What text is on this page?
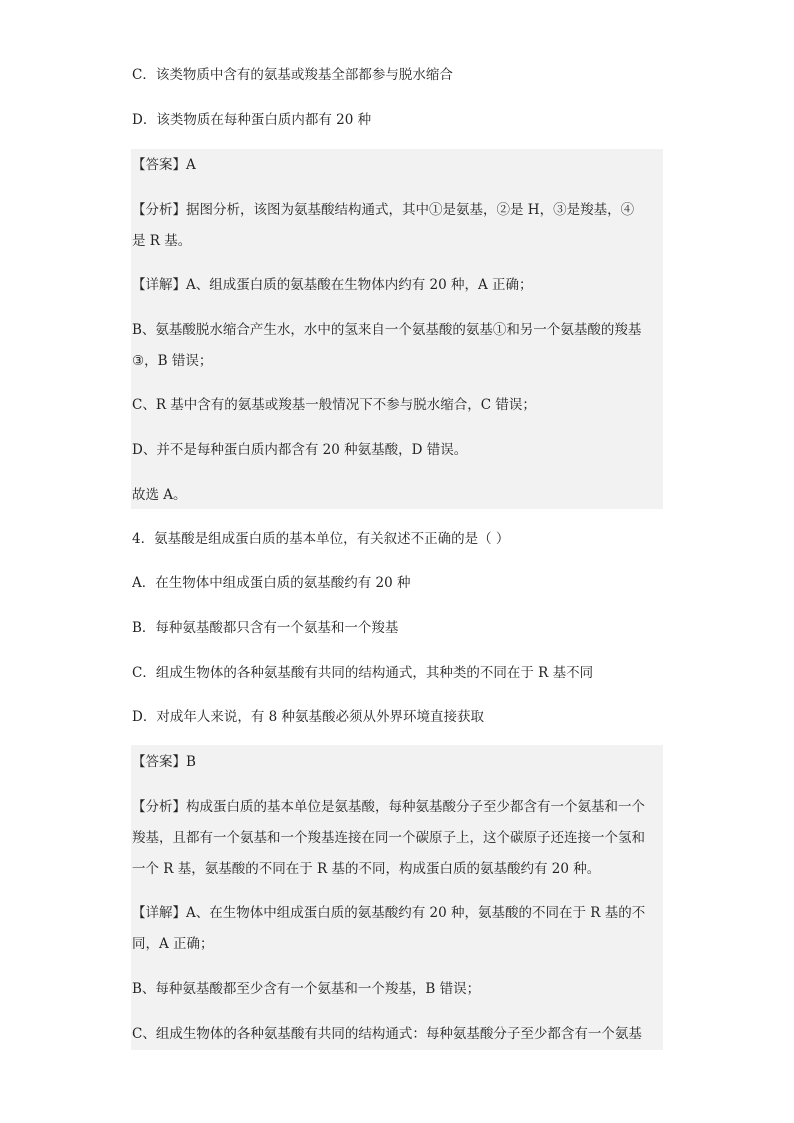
C．该类物质中含有的氨基或羧基全部都参与脱水缩合
D．该类物质在每种蛋白质内都有 20 种
【答案】A
【分析】据图分析，该图为氨基酸结构通式，其中①是氨基，②是 H，③是羧基，④
是 R 基。
【详解】A、组成蛋白质的氨基酸在生物体内约有 20 种，A 正确；
B、氨基酸脱水缩合产生水，水中的氢来自一个氨基酸的氨基①和另一个氨基酸的羧基
③，B 错误；
C、R 基中含有的氨基或羧基一般情况下不参与脱水缩合，C 错误；
D、并不是每种蛋白质内都含有 20 种氨基酸，D 错误。
故选 A。
4．氨基酸是组成蛋白质的基本单位，有关叙述不正确的是（ ）
A．在生物体中组成蛋白质的氨基酸约有 20 种
B．每种氨基酸都只含有一个氨基和一个羧基
C．组成生物体的各种氨基酸有共同的结构通式，其种类的不同在于 R 基不同
D．对成年人来说，有 8 种氨基酸必须从外界环境直接获取
【答案】B
【分析】构成蛋白质的基本单位是氨基酸，每种氨基酸分子至少都含有一个氨基和一个
羧基，且都有一个氨基和一个羧基连接在同一个碳原子上，这个碳原子还连接一个氢和
一个 R 基，氨基酸的不同在于 R 基的不同，构成蛋白质的氨基酸约有 20 种。
【详解】A、在生物体中组成蛋白质的氨基酸约有 20 种，氨基酸的不同在于 R 基的不
同，A 正确；
B、每种氨基酸都至少含有一个氨基和一个羧基，B 错误；
C、组成生物体的各种氨基酸有共同的结构通式：每种氨基酸分子至少都含有一个氨基
